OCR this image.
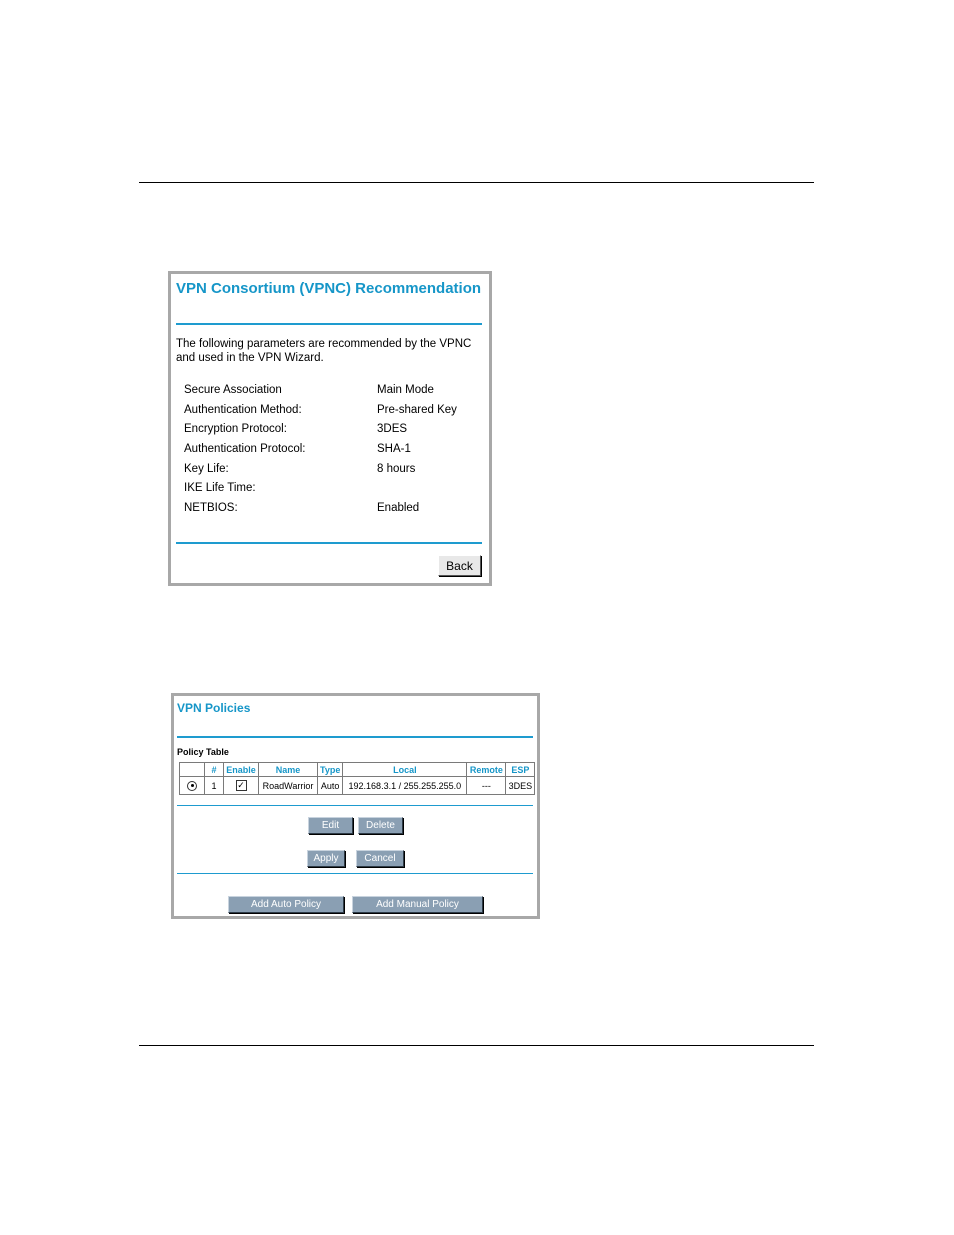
VPN Consortium (VPNC) Recommendation
The following parameters are recommended by the VPNC and used in the VPN Wizard.
Secure Association	Main Mode
Authentication Method:	Pre-shared Key
Encryption Protocol:	3DES
Authentication Protocol:	SHA-1
Key Life:	8 hours
IKE Life Time:
NETBIOS:	Enabled
Back
VPN Policies
Policy Table
	#	Enable	Name	Type	Local	Remote	ESP
	1	✓	RoadWarrior	Auto	192.168.3.1 / 255.255.255.0	---	3DES
Edit	Delete
Apply	Cancel
Add Auto Policy	Add Manual Policy
